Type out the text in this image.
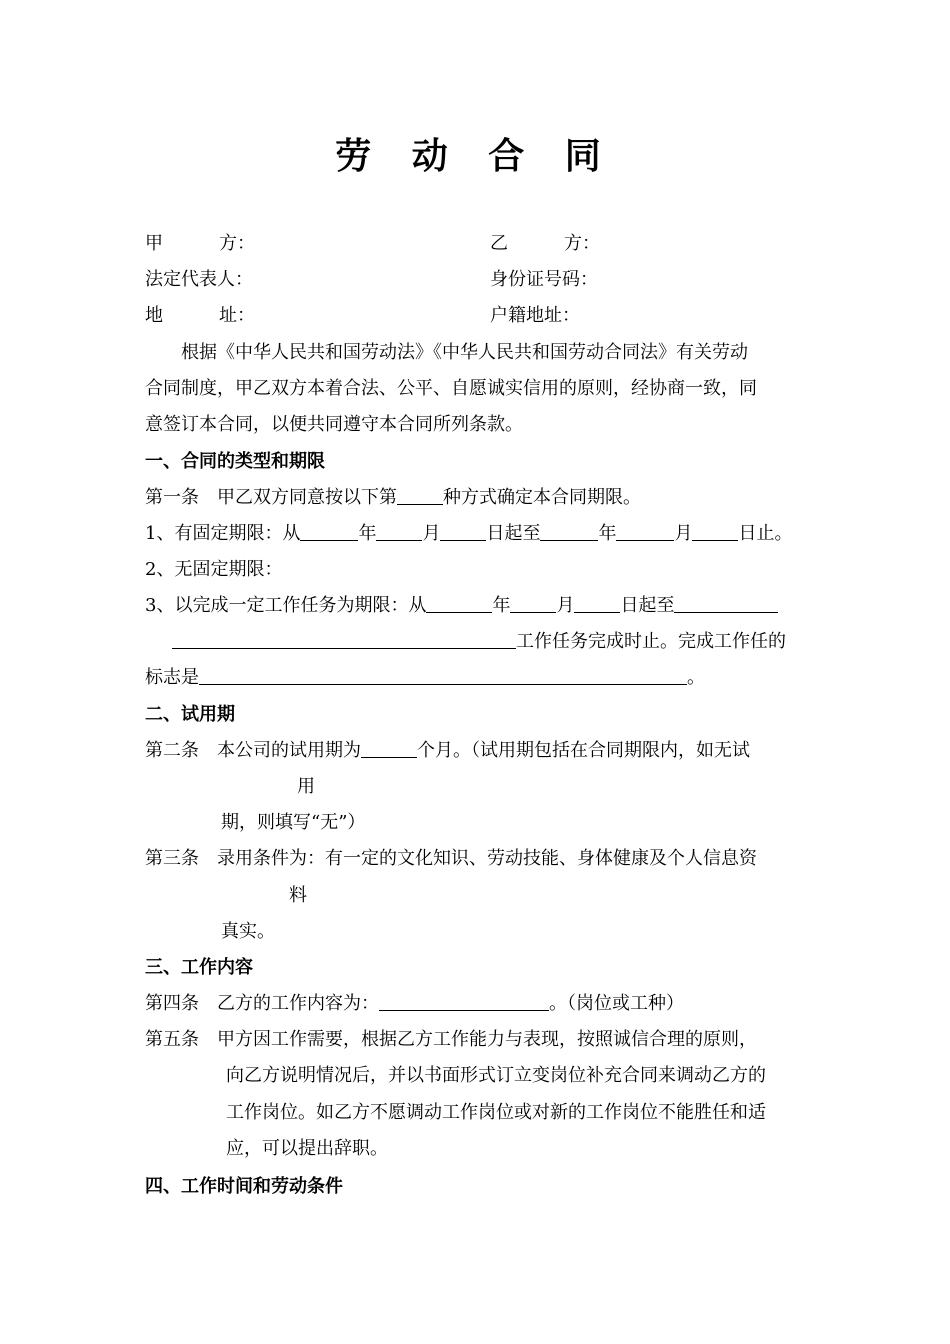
劳 动 合 同
甲	方：	乙	方：
法定代表人：	身份证号码：
地	址：	户籍地址：
根据《中华人民共和国劳动法》《中华人民共和国劳动合同法》有关劳动
合同制度，甲乙双方本着合法、公平、自愿诚实信用的原则，经协商一致，同
意签订本合同，以便共同遵守本合同所列条款。
一、合同的类型和期限
第一条　甲乙双方同意按以下第	种方式确定本合同期限。
1、有固定期限：从	年	月	日起至	年	月	日止。
2、无固定期限：
3、以完成一定工作任务为期限：从	年	月	日起至
工作任务完成时止。完成工作任的
标志是	。
二、试用期
第二条　本公司的试用期为	个月。（试用期包括在合同期限内，如无试
用
期，则填写“无”）
第三条　录用条件为：有一定的文化知识、劳动技能、身体健康及个人信息资
料
真实。
三、工作内容
第四条　乙方的工作内容为：	。（岗位或工种）
第五条　甲方因工作需要，根据乙方工作能力与表现，按照诚信合理的原则，
向乙方说明情况后，并以书面形式订立变岗位补充合同来调动乙方的
工作岗位。如乙方不愿调动工作岗位或对新的工作岗位不能胜任和适
应，可以提出辞职。
四、工作时间和劳动条件
